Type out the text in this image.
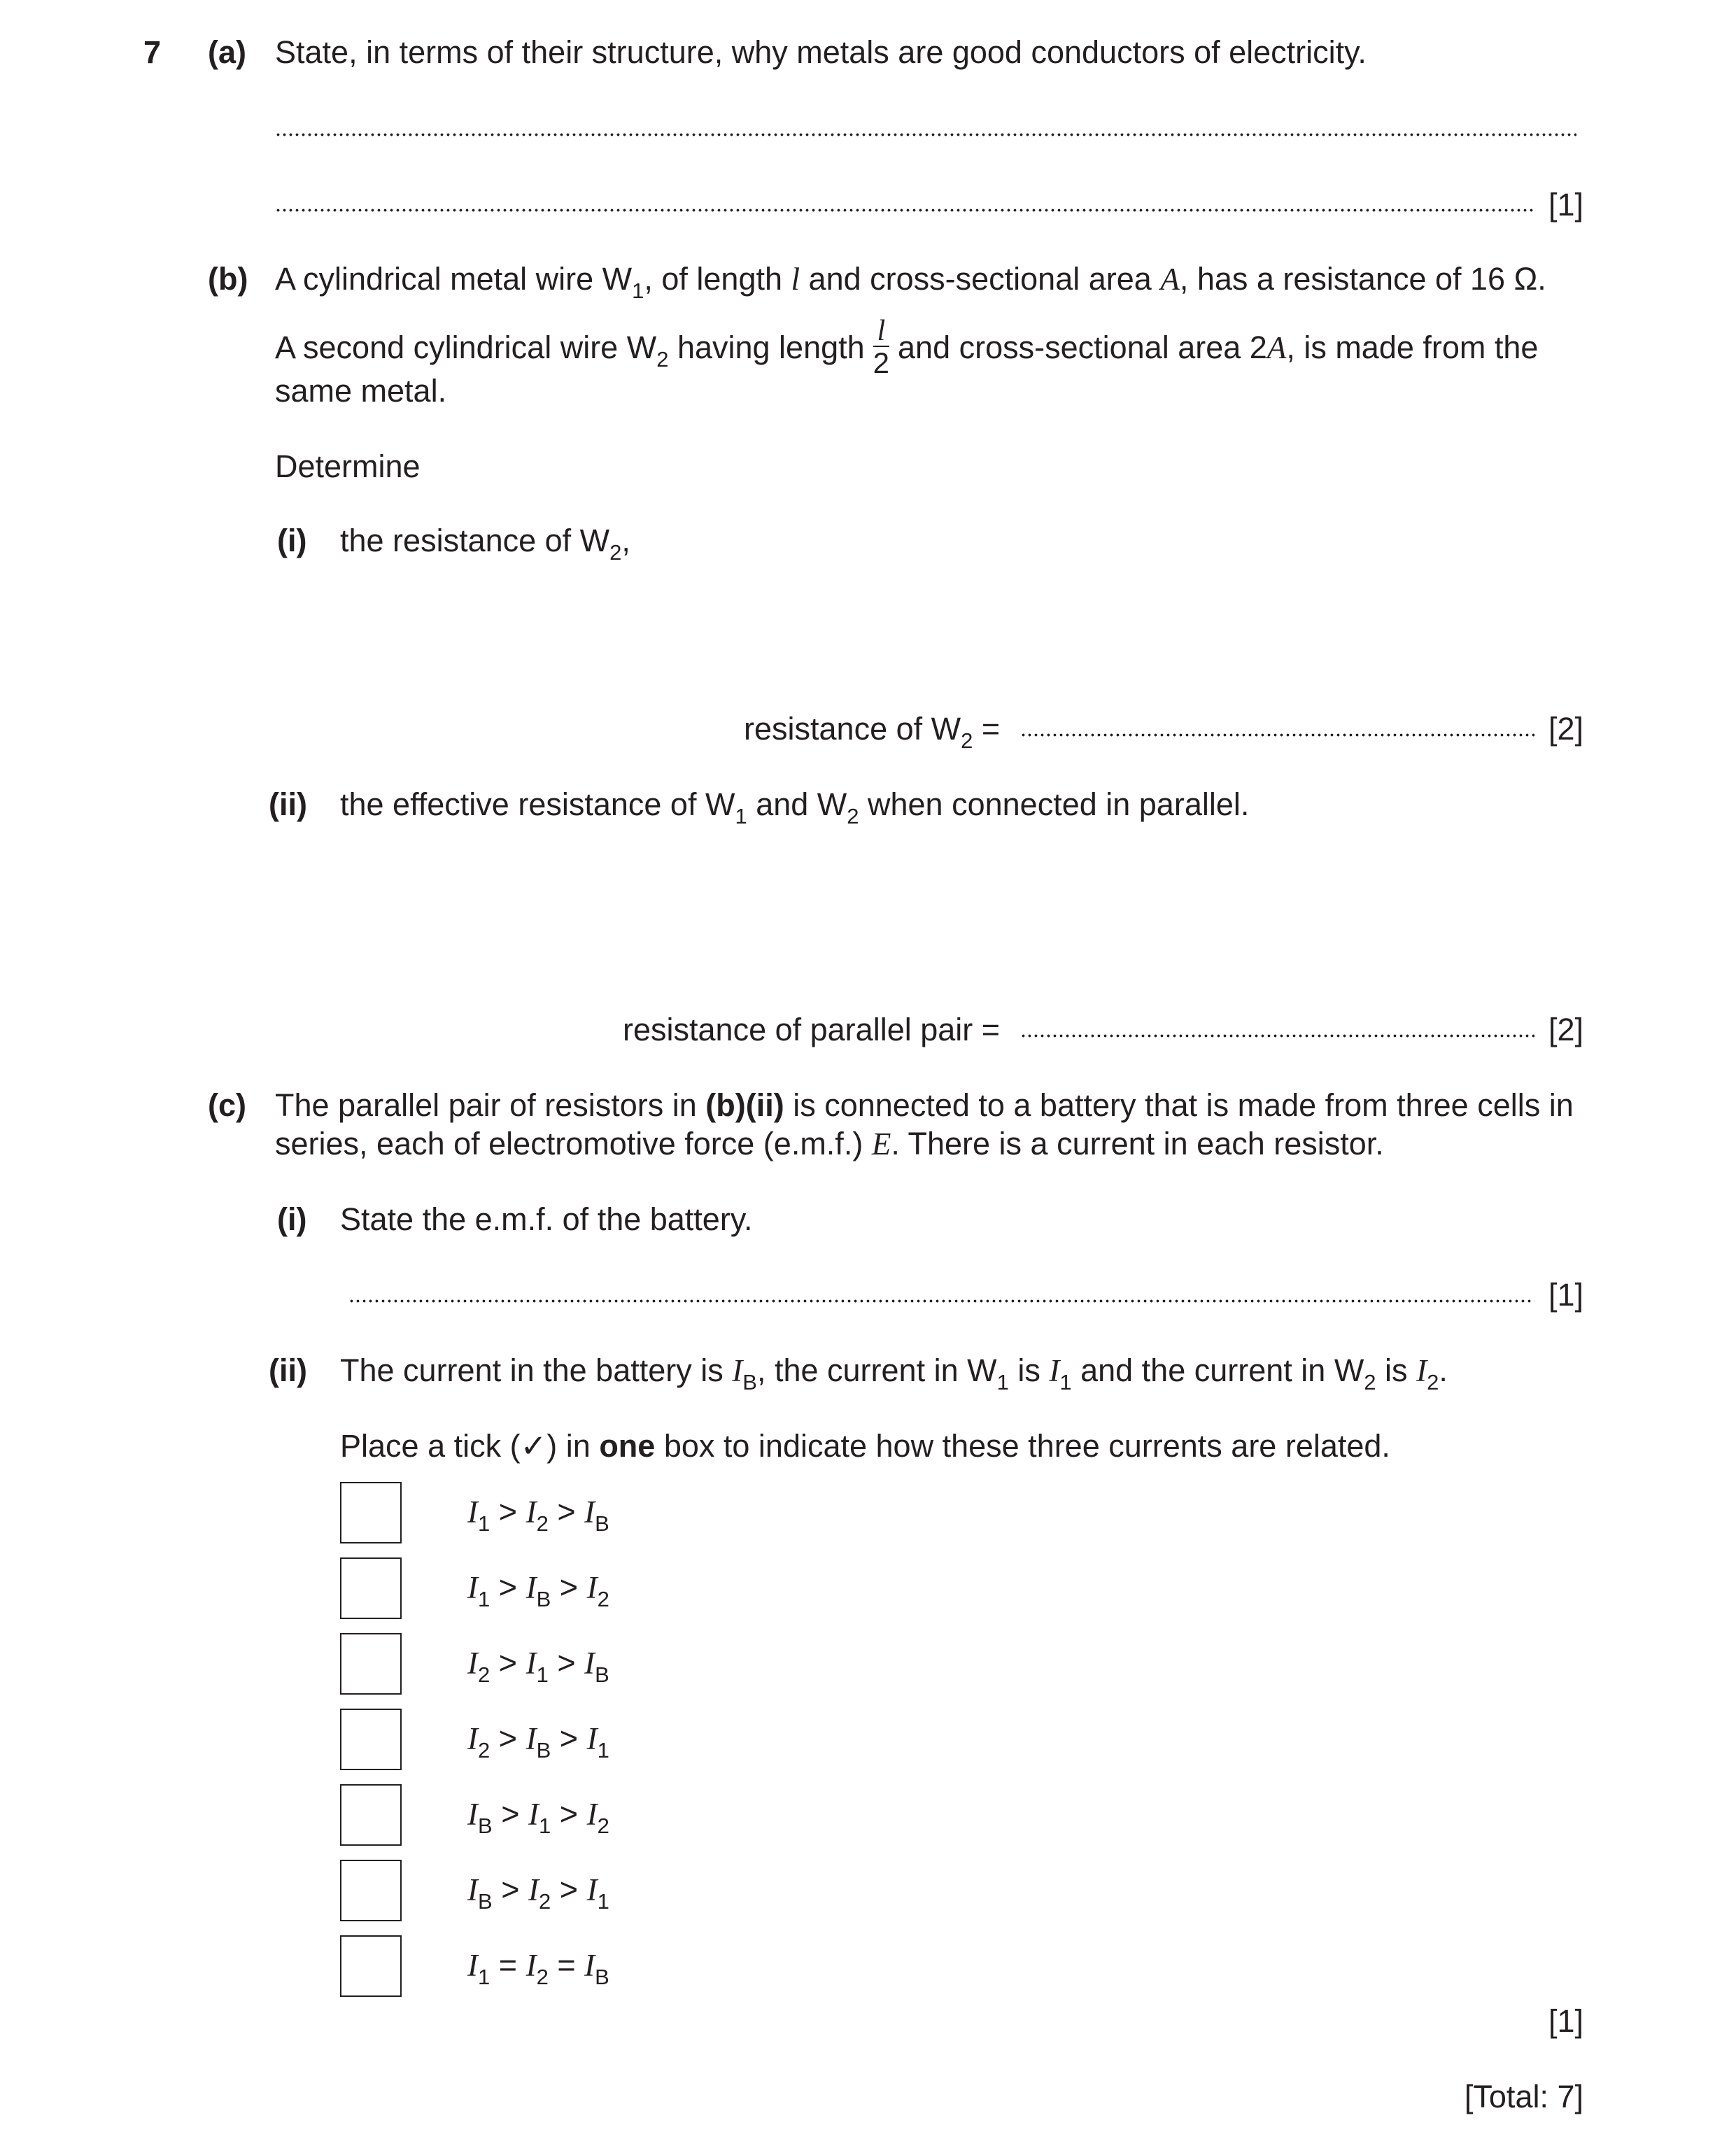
7 (a) State, in terms of their structure, why metals are good conductors of electricity.
[1]
(b) A cylindrical metal wire $W_1$, of length l and cross-sectional area A, has a resistance of 16 Ω.
A second cylindrical wire $W_2$ having length $\frac{l}{2}$ and cross-sectional area 2A, is made from the
same metal.
Determine
(i) the resistance of $W_2$,
resistance of $W_2$ =	[2]
(ii) the effective resistance of $W_1$ and $W_2$ when connected in parallel.
resistance of parallel pair =	[2]
(c) The parallel pair of resistors in (b)(ii) is connected to a battery that is made from three cells in
series, each of electromotive force (e.m.f.) E. There is a current in each resistor.
(i) State the e.m.f. of the battery.
[1]
(ii) The current in the battery is $I_B$, the current in $W_1$ is $I_1$ and the current in $W_2$ is $I_2$.
Place a tick (✓) in one box to indicate how these three currents are related.
$I_1 > I_2 > I_B$
$I_1 > I_B > I_2$
$I_2 > I_1 > I_B$
$I_2 > I_B > I_1$
$I_B > I_1 > I_2$
$I_B > I_2 > I_1$
$I_1 = I_2 = I_B$
[1]
[Total: 7]
